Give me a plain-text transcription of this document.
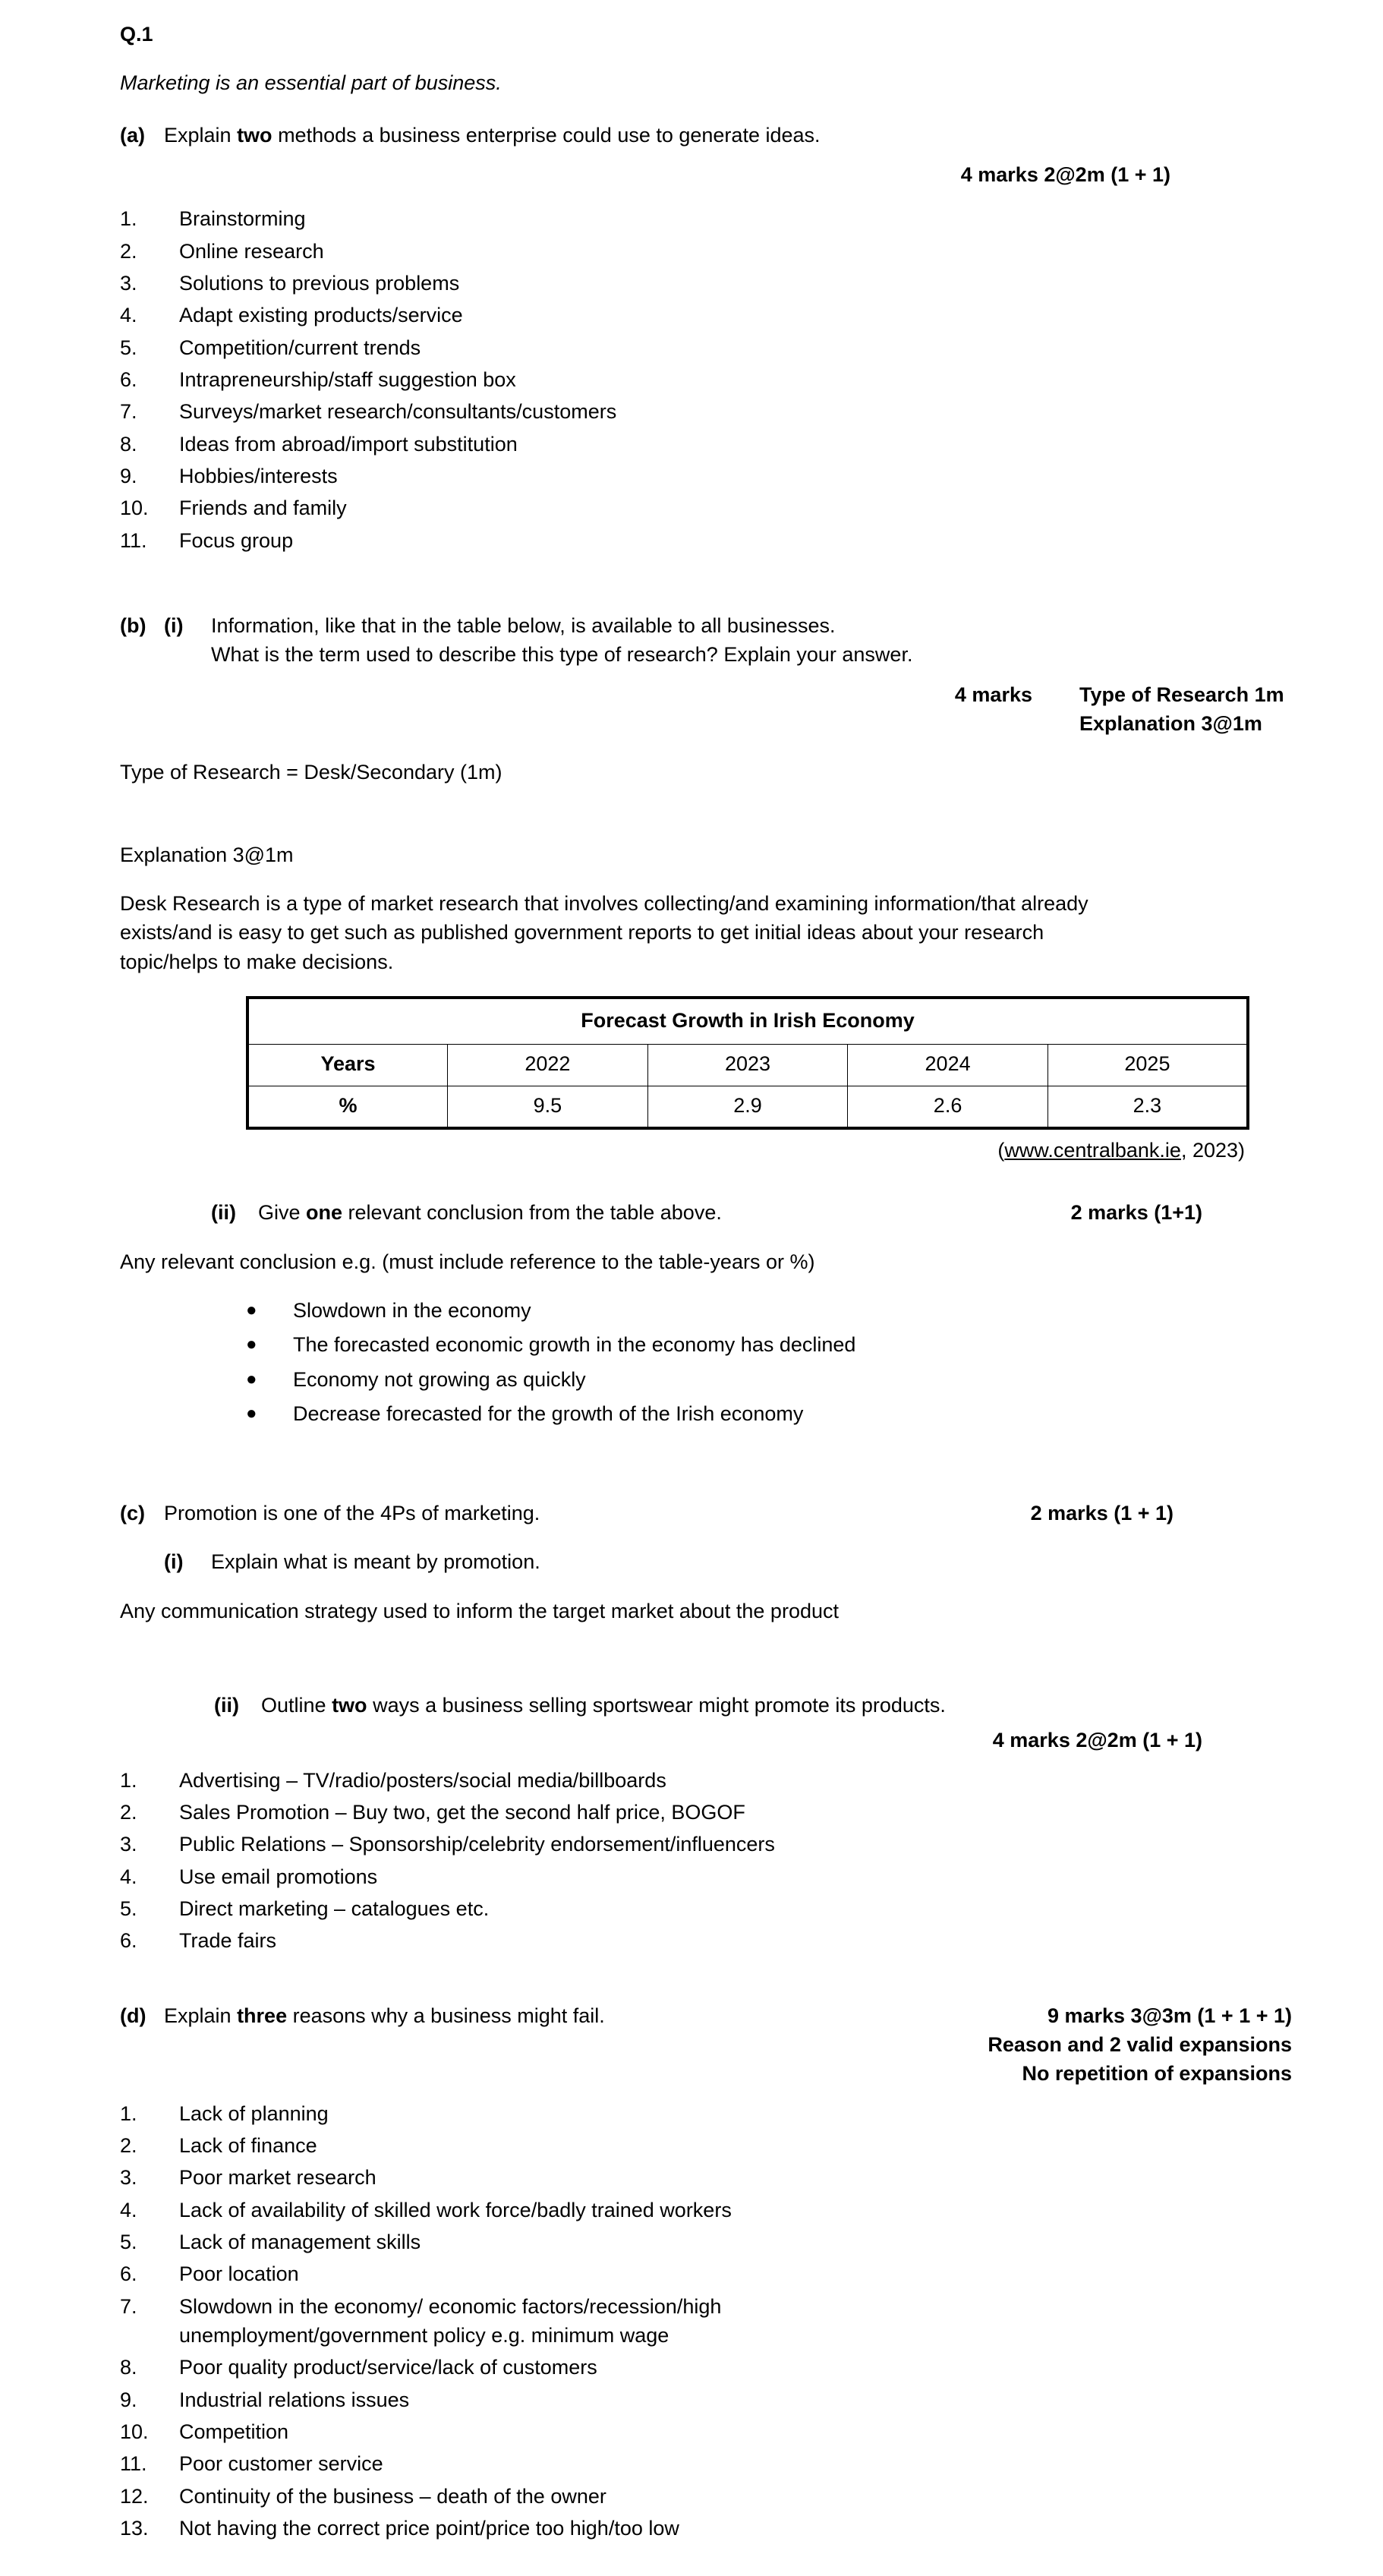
Q.1
Marketing is an essential part of business.
(a) Explain two methods a business enterprise could use to generate ideas.
4 marks 2@2m (1 + 1)
1.	Brainstorming
2.	Online research
3.	Solutions to previous problems
4.	Adapt existing products/service
5.	Competition/current trends
6.	Intrapreneurship/staff suggestion box
7.	Surveys/market research/consultants/customers
8.	Ideas from abroad/import substitution
9.	Hobbies/interests
10.	Friends and family
11.	Focus group
(b) (i)	Information, like that in the table below, is available to all businesses.
What is the term used to describe this type of research? Explain your answer.
4 marks Type of Research 1m
Explanation 3@1m
Type of Research = Desk/Secondary (1m)
Explanation 3@1m
Desk Research is a type of market research that involves collecting/and examining information/that already exists/and is easy to get such as published government reports to get initial ideas about your research topic/helps to make decisions.
Forecast Growth in Irish Economy				
Years	2022	2023	2024	2025
%	9.5	2.9	2.6	2.3
(www.centralbank.ie, 2023)
(ii)	Give one relevant conclusion from the table above.	2 marks (1+1)
Any relevant conclusion e.g. (must include reference to the table-years or %)
●	Slowdown in the economy
●	The forecasted economic growth in the economy has declined
●	Economy not growing as quickly
●	Decrease forecasted for the growth of the Irish economy
(c) Promotion is one of the 4Ps of marketing.	2 marks (1 + 1)
(i)	Explain what is meant by promotion.
Any communication strategy used to inform the target market about the product
(ii)	Outline two ways a business selling sportswear might promote its products.
4 marks 2@2m (1 + 1)
1.	Advertising – TV/radio/posters/social media/billboards
2.	Sales Promotion – Buy two, get the second half price, BOGOF
3.	Public Relations – Sponsorship/celebrity endorsement/influencers
4.	Use email promotions
5.	Direct marketing – catalogues etc.
6.	Trade fairs
(d) Explain three reasons why a business might fail.	9 marks 3@3m (1 + 1 + 1)
Reason and 2 valid expansions
No repetition of expansions
1.	Lack of planning
2.	Lack of finance
3.	Poor market research
4.	Lack of availability of skilled work force/badly trained workers
5.	Lack of management skills
6.	Poor location
7.	Slowdown in the economy/ economic factors/recession/high unemployment/government policy e.g. minimum wage
8.	Poor quality product/service/lack of customers
9.	Industrial relations issues
10.	Competition
11.	Poor customer service
12.	Continuity of the business – death of the owner
13.	Not having the correct price point/price too high/too low
